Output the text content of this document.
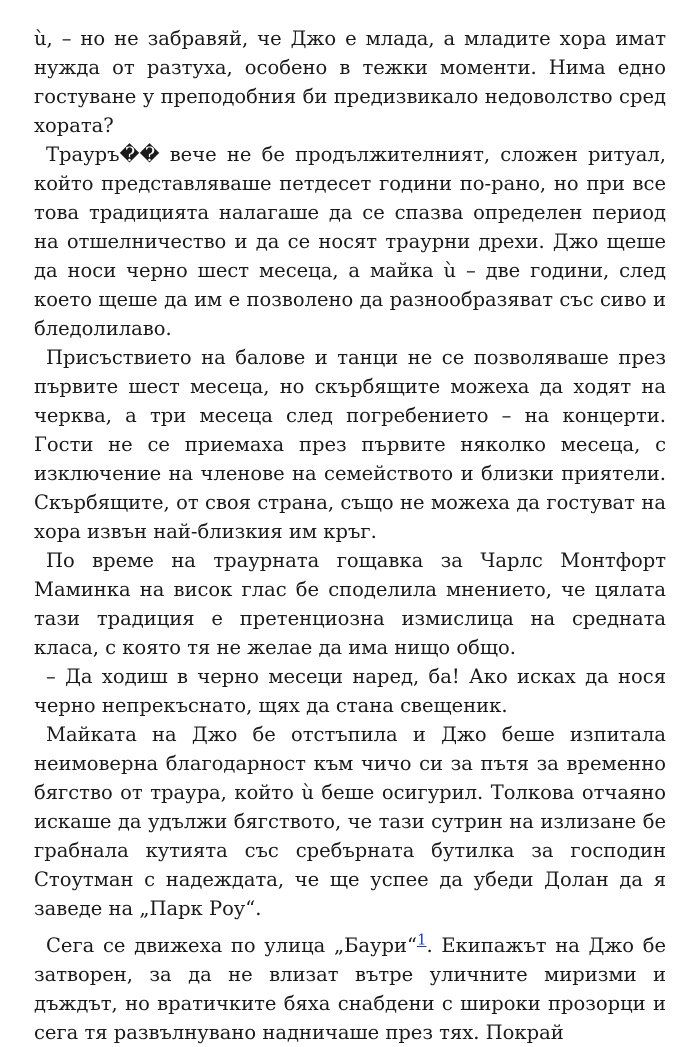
ù, – но не забравяй, че Джо е млада, а младите хора имат нужда от разтуха, особено в тежки моменти. Нима едно гостуване у преподобния би предизвикало недоволство сред хората?

Трауръ�� вече не бе продължителният, сложен ритуал, който представляваше петдесет години по-рано, но при все това традицията налагаше да се спазва определен период на отшелничество и да се носят траурни дрехи. Джо щеше да носи черно шест месеца, а майка ù – две години, след което щеше да им е позволено да разнообразяват със сиво и бледолилаво.

Присъствието на балове и танци не се позволяваше през първите шест месеца, но скърбящите можеха да ходят на черква, а три месеца след погребението – на концерти. Гости не се приемаха през първите няколко месеца, с изключение на членове на семейството и близки приятели. Скърбящите, от своя страна, също не можеха да гостуват на хора извън най-близкия им кръг.

По време на траурната гощавка за Чарлс Монтфорт Маминка на висок глас бе споделила мнението, че цялата тази традиция е претенциозна измислица на средната класа, с която тя не желае да има нищо общо.

– Да ходиш в черно месеци наред, ба! Ако исках да нося черно непрекъснато, щях да стана свещеник.

Майката на Джо бе отстъпила и Джо беше изпитала неимоверна благодарност към чичо си за пътя за временно бягство от траура, който ù беше осигурил. Толкова отчаяно искаше да удължи бягството, че тази сутрин на излизане бе грабнала кутията със сребърната бутилка за господин Стоутман с надеждата, че ще успее да убеди Долан да я заведе на „Парк Роу“.

Сега се движеха по улица „Баури“$^1$. Екипажът на Джо бе затворен, за да не влизат вътре уличните миризми и дъждът, но вратичките бяха снабдени с широки прозорци и сега тя развълнувано надничаше през тях. Покрай
